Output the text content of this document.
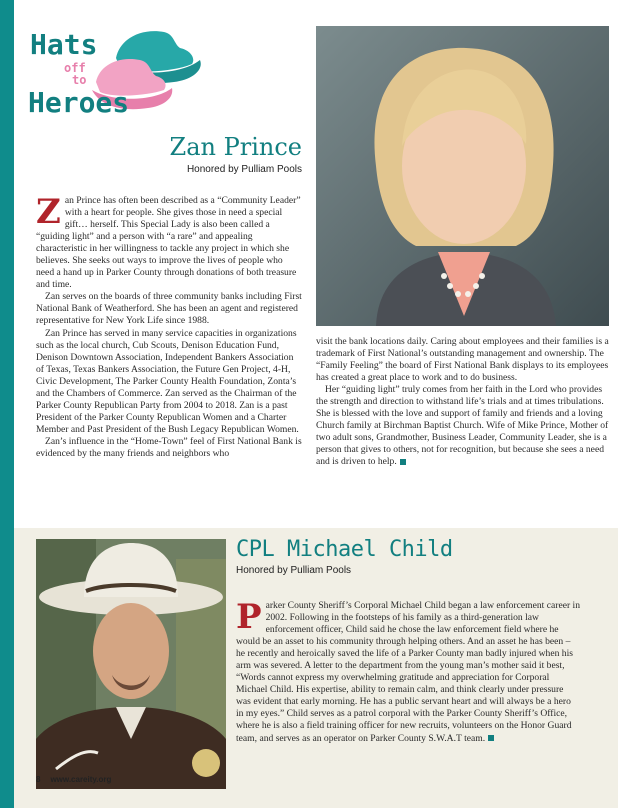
Hats
off
to
Heroes
Zan Prince
Honored by Pulliam Pools

Zan Prince has often been described as a “Community Leader” with a heart for people. She gives those in need a special gift… herself. This Special Lady is also been called a “guiding light” and a person with “a rare” and appealing characteristic in her willingness to tackle any project in which she believes. She seeks out ways to improve the lives of people who need a hand up in Parker County through donations of both treasure and time.

Zan serves on the boards of three community banks including First National Bank of Weatherford. She has been an agent and registered representative for New York Life since 1988.

Zan Prince has served in many service capacities in organizations such as the local church, Cub Scouts, Denison Education Fund, Denison Downtown Association, Independent Bankers Association of Texas, Texas Bankers Association, the Future Gen Project, 4-H, Civic Development, The Parker County Health Foundation, Zonta’s and the Chambers of Commerce. Zan served as the Chairman of the Parker County Republican Party from 2004 to 2018. Zan is a past President of the Parker County Republican Women and a Charter Member and Past President of the Bush Legacy Republican Women.

Zan’s influence in the “Home-Town” feel of First National Bank is evidenced by the many friends and neighbors who

visit the bank locations daily. Caring about employees and their families is a trademark of First National’s outstanding management and ownership. The “Family Feeling” the board of First National Bank displays to its employees has created a great place to work and to do business.

Her “guiding light” truly comes from her faith in the Lord who provides the strength and direction to withstand life’s trials and at times tribulations. She is blessed with the love and support of family and friends and a loving Church family at Birchman Baptist Church. Wife of Mike Prince, Mother of two adult sons, Grandmother, Business Leader, Community Leader, she is a person that gives to others, not for recognition, but because she sees a need and is driven to help.

CPL Michael Child
Honored by Pulliam Pools

Parker County Sheriff’s Corporal Michael Child began a law enforcement career in 2002. Following in the footsteps of his family as a third-generation law enforcement officer, Child said he chose the law enforcement field where he would be an asset to his community through helping others. And an asset he has been – he recently and heroically saved the life of a Parker County man badly injured when his arm was severed. A letter to the department from the young man’s mother said it best, “Words cannot express my overwhelming gratitude and appreciation for Corporal Michael Child. His expertise, ability to remain calm, and think clearly under pressure was evident that early morning. He has a public servant heart and will always be a hero in my eyes.” Child serves as a patrol corporal with the Parker County Sheriff’s Office, where he is also a field training officer for new recruits, volunteers on the Honor Guard team, and serves as an operator on Parker County S.W.A.T team.

8 www.careity.org
